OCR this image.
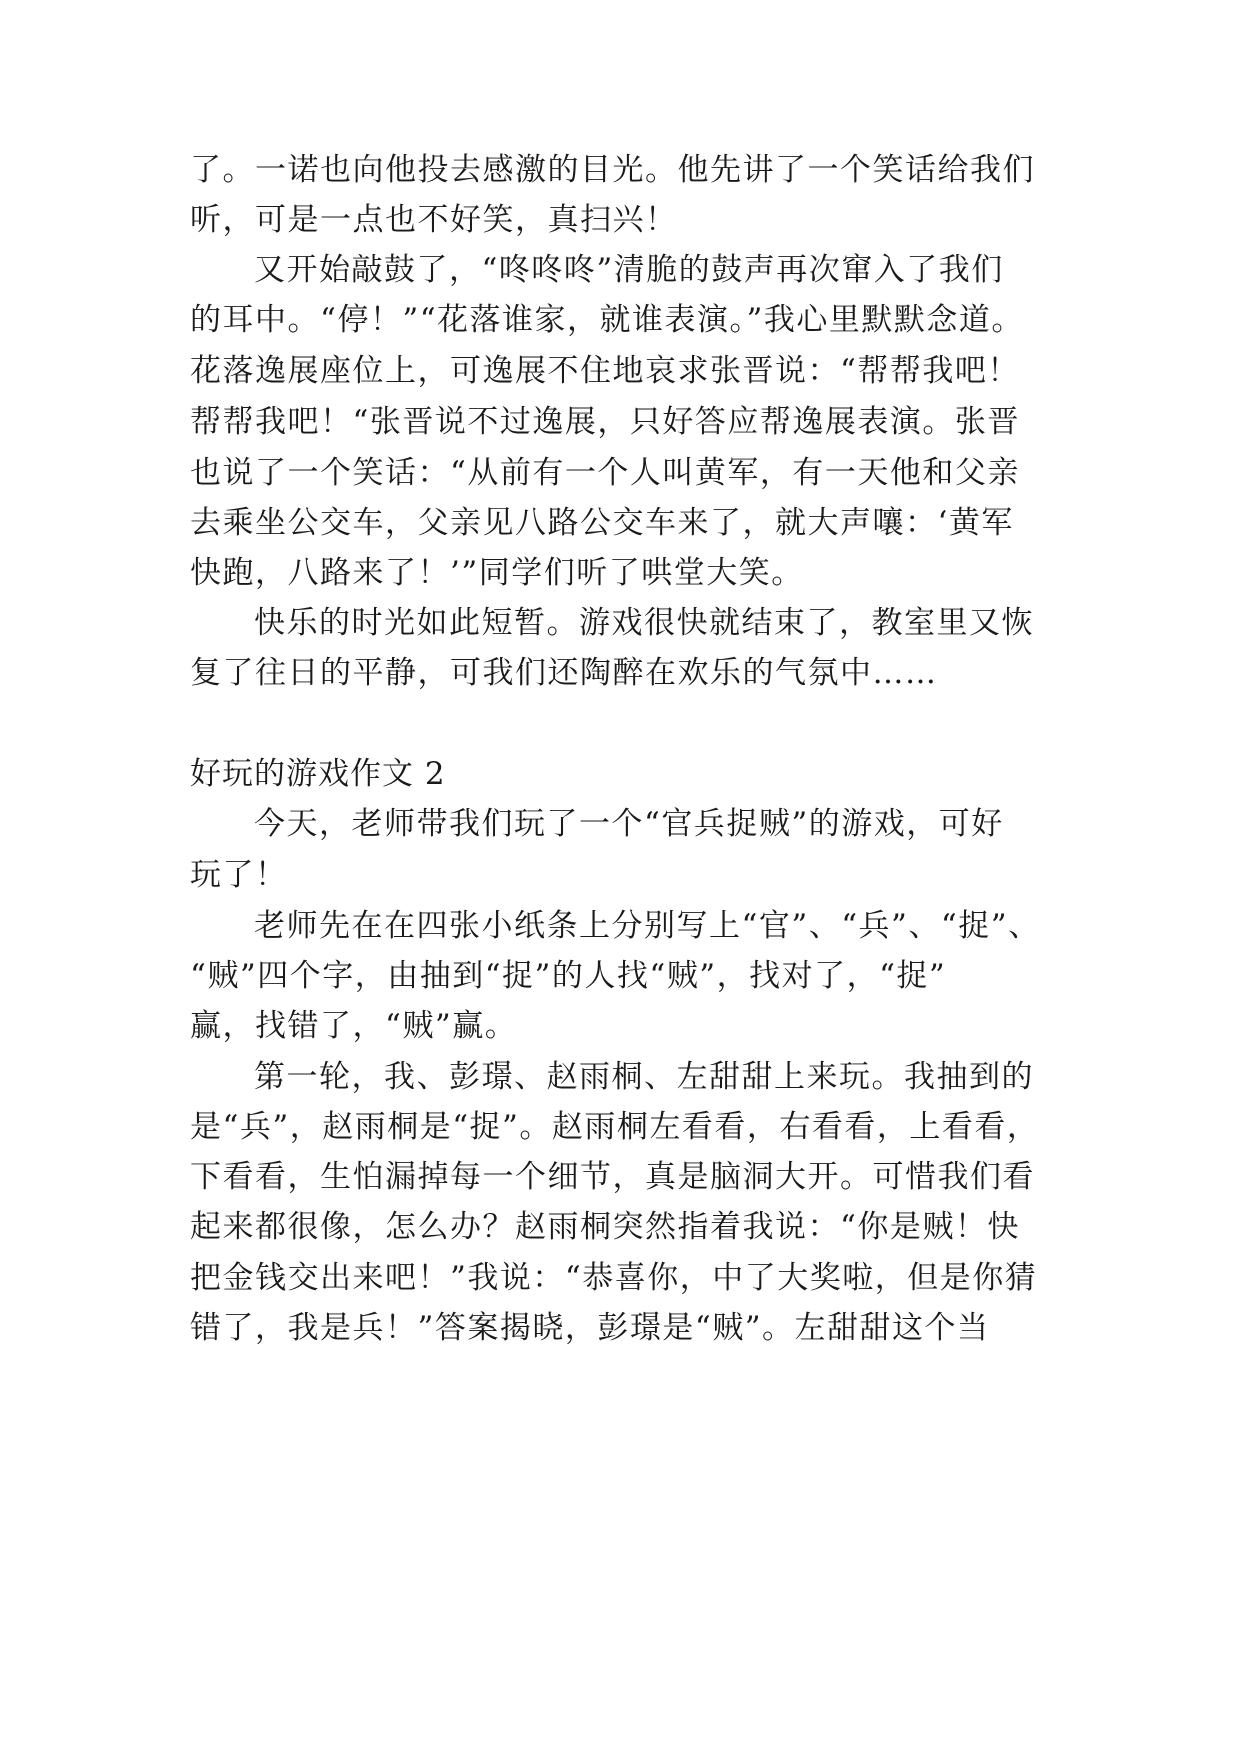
了。一诺也向他投去感激的目光。他先讲了一个笑话给我们
听，可是一点也不好笑，真扫兴！
又开始敲鼓了，“咚咚咚”清脆的鼓声再次窜入了我们
的耳中。“停！”“花落谁家，就谁表演。”我心里默默念道。
花落逸展座位上，可逸展不住地哀求张晋说：“帮帮我吧！
帮帮我吧！“张晋说不过逸展，只好答应帮逸展表演。张晋
也说了一个笑话：“从前有一个人叫黄军，有一天他和父亲
去乘坐公交车，父亲见八路公交车来了，就大声嚷：‘黄军
快跑，八路来了！’”同学们听了哄堂大笑。
快乐的时光如此短暂。游戏很快就结束了，教室里又恢
复了往日的平静，可我们还陶醉在欢乐的气氛中……
好玩的游戏作文 2
今天，老师带我们玩了一个“官兵捉贼”的游戏，可好
玩了！
老师先在在四张小纸条上分别写上“官”、“兵”、“捉”、
“贼”四个字，由抽到“捉”的人找“贼”，找对了，“捉”
赢，找错了，“贼”赢。
第一轮，我、彭璟、赵雨桐、左甜甜上来玩。我抽到的
是“兵”，赵雨桐是“捉”。赵雨桐左看看，右看看，上看看，
下看看，生怕漏掉每一个细节，真是脑洞大开。可惜我们看
起来都很像，怎么办？赵雨桐突然指着我说：“你是贼！快
把金钱交出来吧！”我说：“恭喜你，中了大奖啦，但是你猜
错了，我是兵！”答案揭晓，彭璟是“贼”。左甜甜这个当
